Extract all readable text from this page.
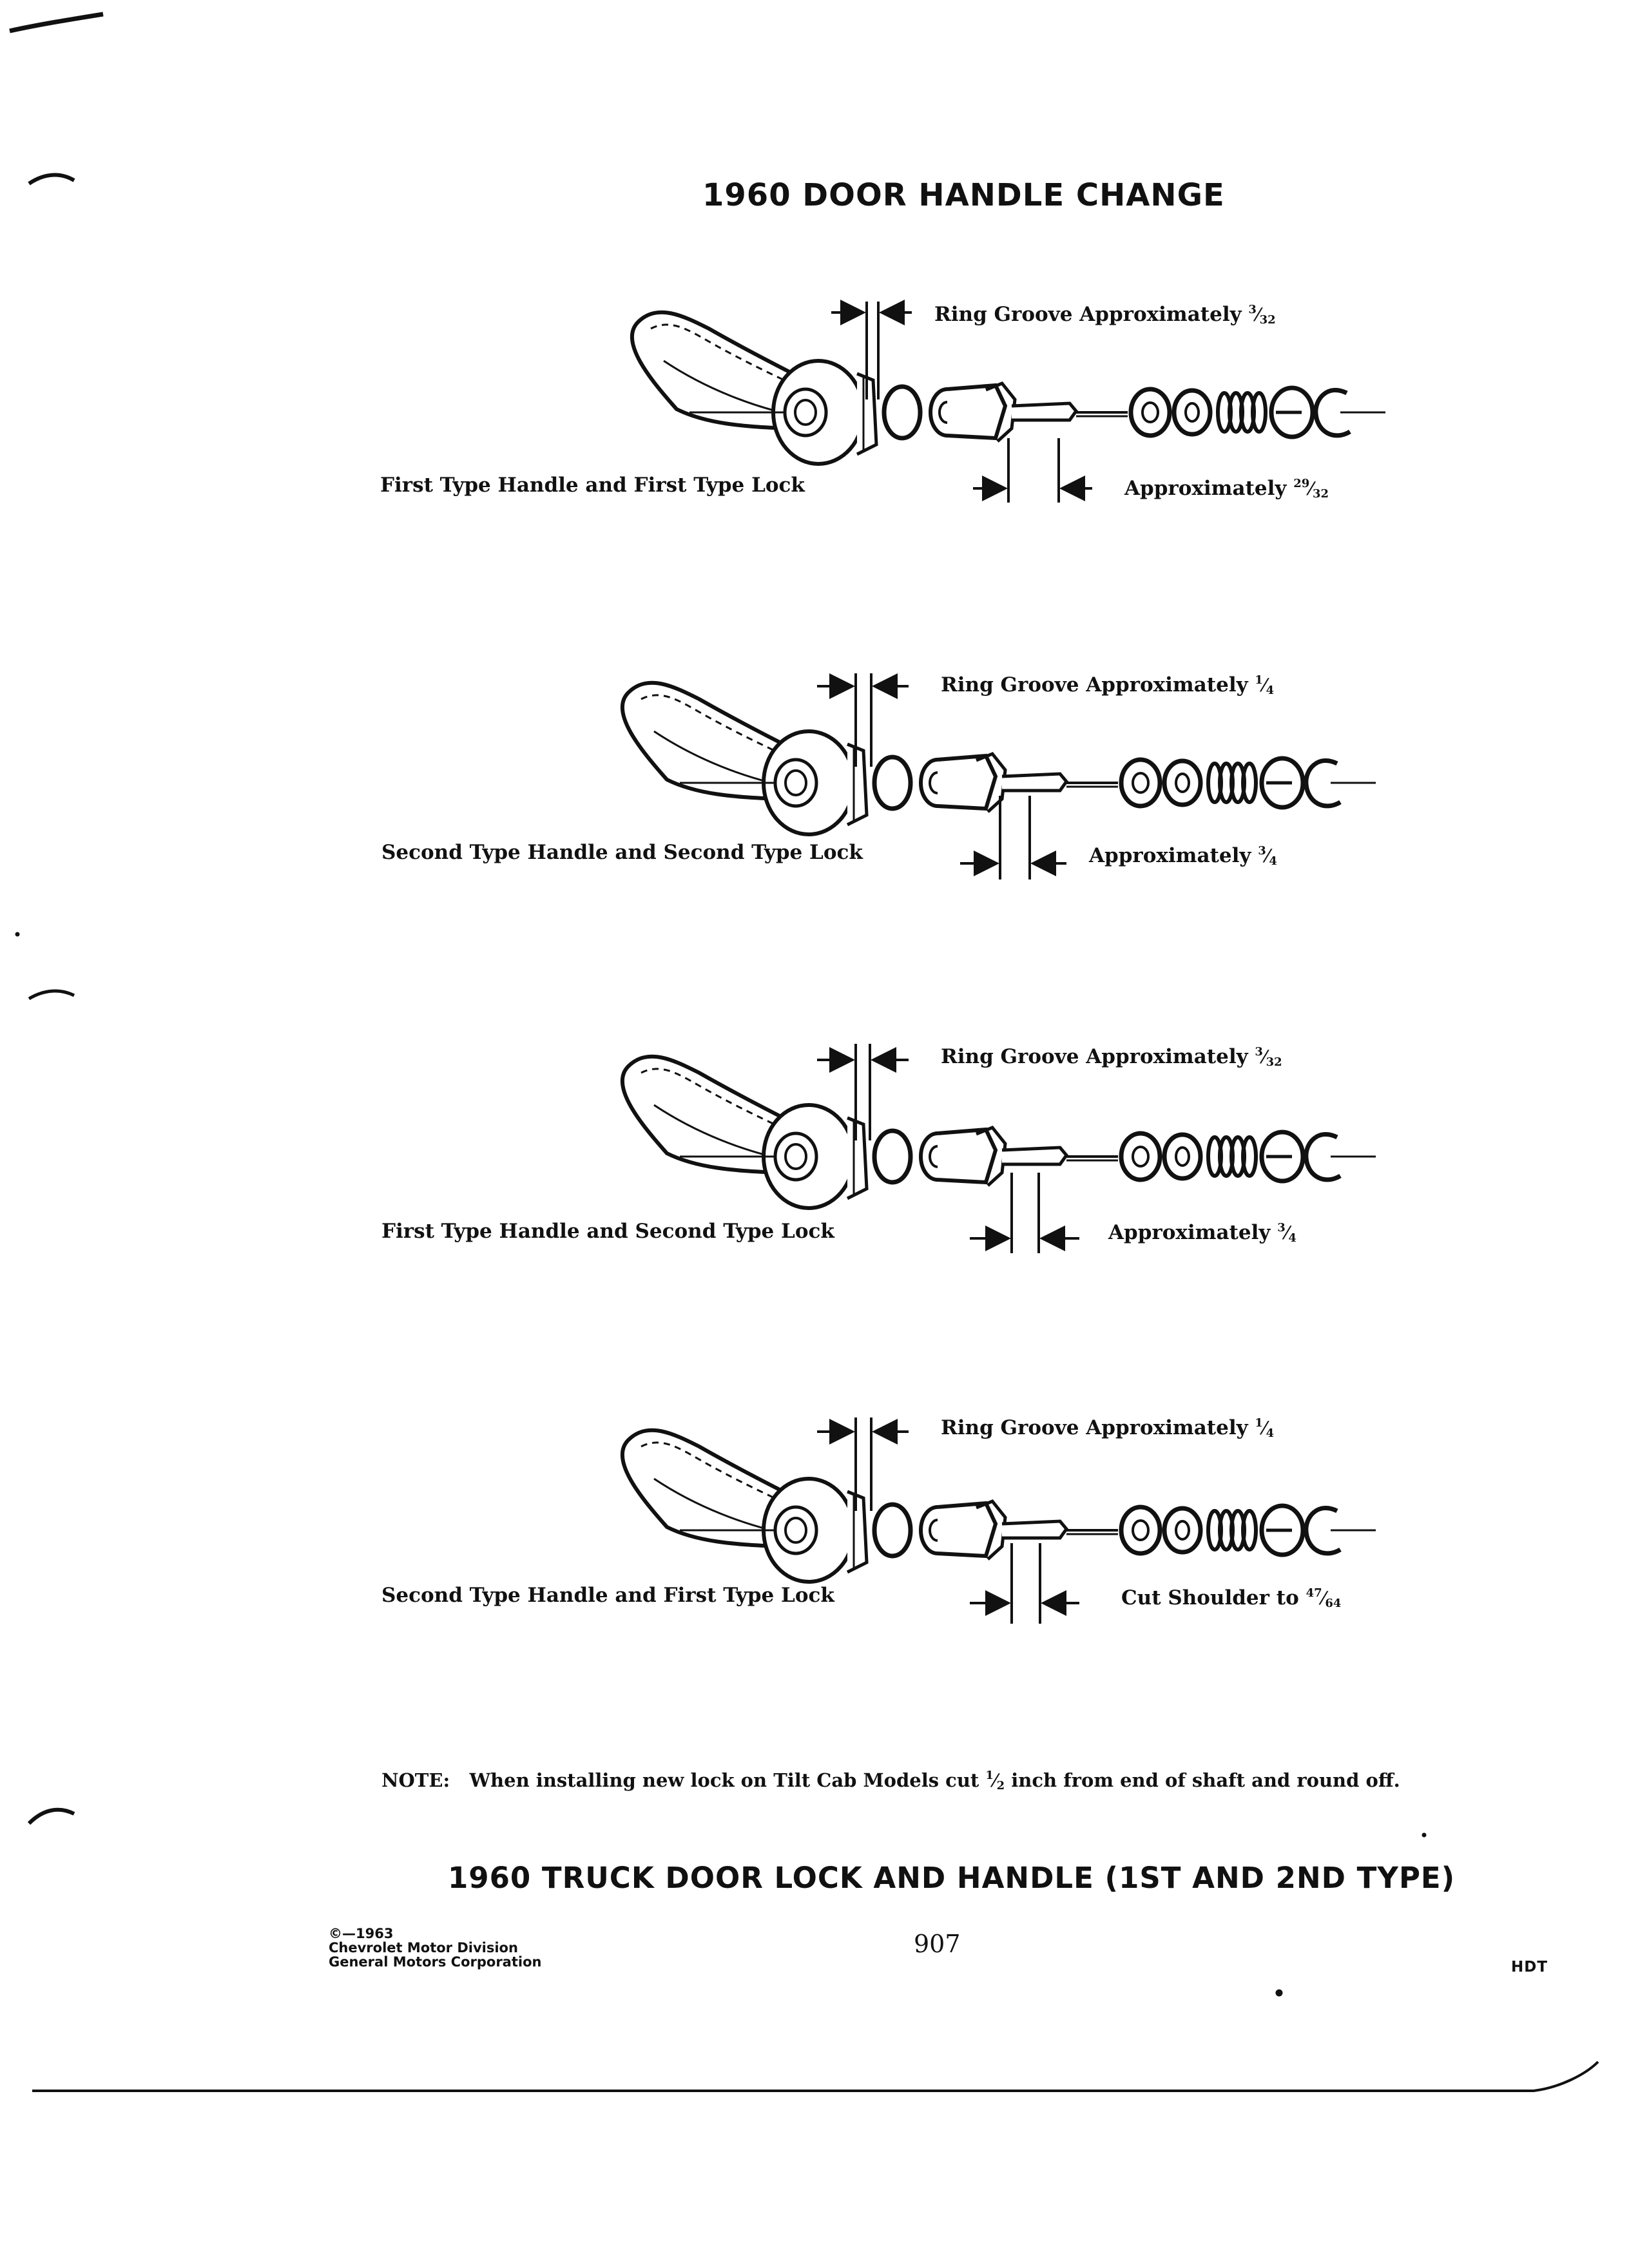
1960 DOOR HANDLE CHANGE
Ring Groove Approximately $^3⁄_{32}$
First Type Handle and First Type Lock	Approximately $^{29}⁄_{32}$
Ring Groove Approximately $^1⁄_4$
Second Type Handle and Second Type Lock	Approximately $^3⁄_4$
Ring Groove Approximately $^3⁄_{32}$
First Type Handle and Second Type Lock	Approximately $^3⁄_4$
Ring Groove Approximately $^1⁄_4$
Second Type Handle and First Type Lock	Cut Shoulder to $^{47}⁄_{64}$
NOTE: When installing new lock on Tilt Cab Models cut $^1⁄_2$ inch from end of shaft and round off.
1960 TRUCK DOOR LOCK AND HANDLE (1ST AND 2ND TYPE)
©—1963
Chevrolet Motor Division
General Motors Corporation
907
HDT
